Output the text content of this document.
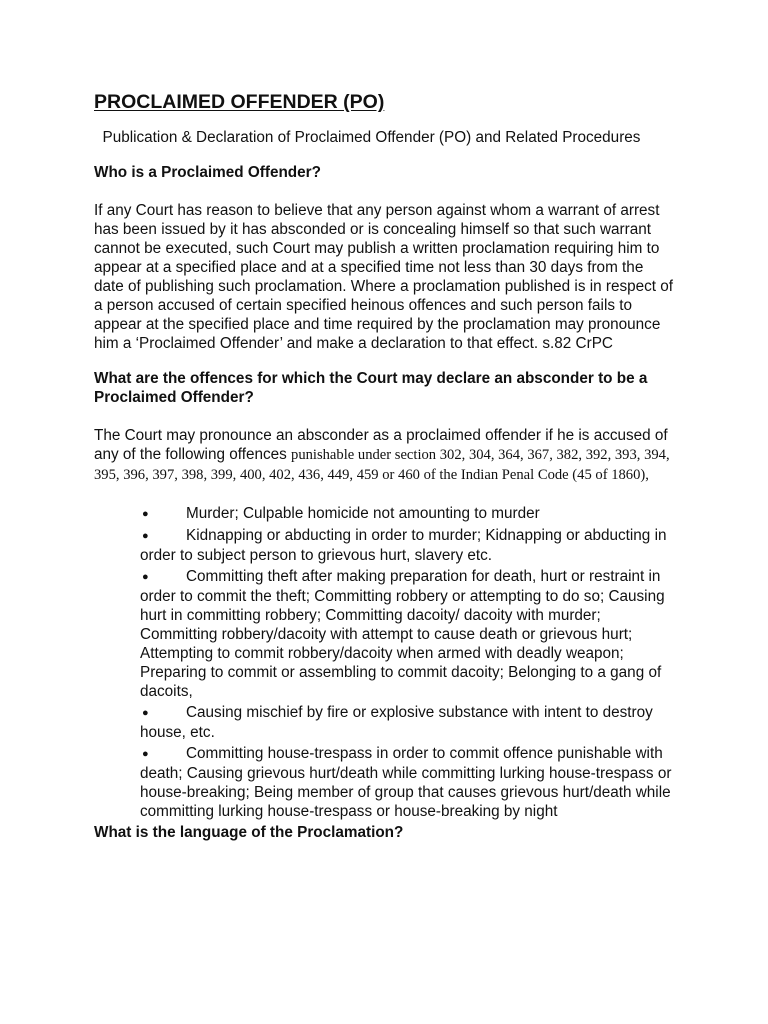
PROCLAIMED OFFENDER (PO)

Publication & Declaration of Proclaimed Offender (PO) and Related Procedures

Who is a Proclaimed Offender?

If any Court has reason to believe that any person against whom a warrant of arrest has been issued by it has absconded or is concealing himself so that such warrant cannot be executed, such Court may publish a written proclamation requiring him to appear at a specified place and at a specified time not less than 30 days from the date of publishing such proclamation. Where a proclamation published is in respect of a person accused of certain specified heinous offences and such person fails to appear at the specified place and time required by the proclamation may pronounce him a ‘Proclaimed Offender’ and make a declaration to that effect. s.82 CrPC

What are the offences for which the Court may declare an absconder to be a Proclaimed Offender?

The Court may pronounce an absconder as a proclaimed offender if he is accused of any of the following offences punishable under section 302, 304, 364, 367, 382, 392, 393, 394, 395, 396, 397, 398, 399, 400, 402, 436, 449, 459 or 460 of the Indian Penal Code (45 of 1860),

● Murder; Culpable homicide not amounting to murder
● Kidnapping or abducting in order to murder; Kidnapping or abducting in order to subject person to grievous hurt, slavery etc.
● Committing theft after making preparation for death, hurt or restraint in order to commit the theft; Committing robbery or attempting to do so; Causing hurt in committing robbery; Committing dacoity/ dacoity with murder; Committing robbery/dacoity with attempt to cause death or grievous hurt; Attempting to commit robbery/dacoity when armed with deadly weapon; Preparing to commit or assembling to commit dacoity; Belonging to a gang of dacoits,
● Causing mischief by fire or explosive substance with intent to destroy house, etc.
● Committing house-trespass in order to commit offence punishable with death; Causing grievous hurt/death while committing lurking house-trespass or house-breaking; Being member of group that causes grievous hurt/death while committing lurking house-trespass or house-breaking by night

What is the language of the Proclamation?
